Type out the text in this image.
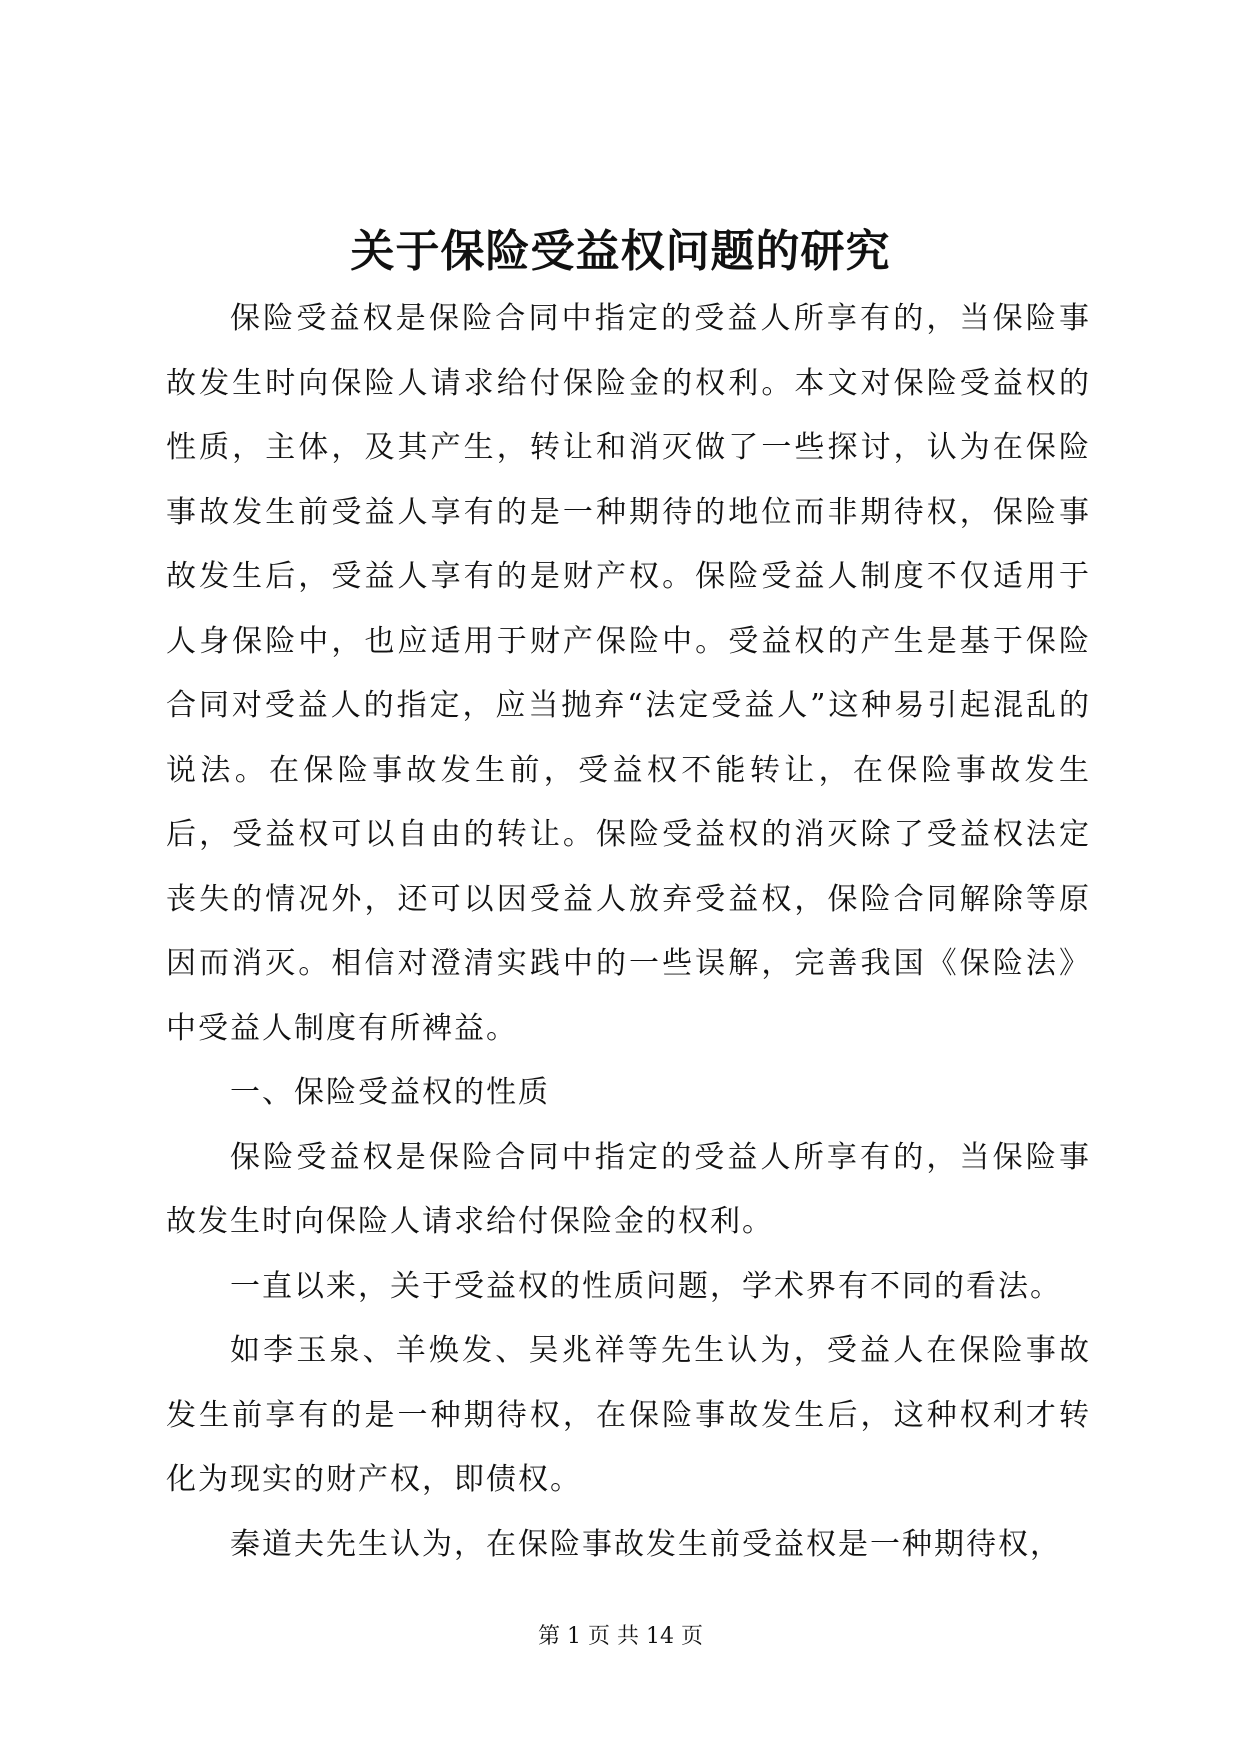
关于保险受益权问题的研究

保险受益权是保险合同中指定的受益人所享有的，当保险事故发生时向保险人请求给付保险金的权利。本文对保险受益权的性质，主体，及其产生，转让和消灭做了一些探讨，认为在保险事故发生前受益人享有的是一种期待的地位而非期待权，保险事故发生后，受益人享有的是财产权。保险受益人制度不仅适用于人身保险中，也应适用于财产保险中。受益权的产生是基于保险合同对受益人的指定，应当抛弃“法定受益人”这种易引起混乱的说法。在保险事故发生前，受益权不能转让，在保险事故发生后，受益权可以自由的转让。保险受益权的消灭除了受益权法定丧失的情况外，还可以因受益人放弃受益权，保险合同解除等原因而消灭。相信对澄清实践中的一些误解，完善我国《保险法》中受益人制度有所裨益。

一、保险受益权的性质

保险受益权是保险合同中指定的受益人所享有的，当保险事故发生时向保险人请求给付保险金的权利。

一直以来，关于受益权的性质问题，学术界有不同的看法。

如李玉泉、羊焕发、吴兆祥等先生认为，受益人在保险事故发生前享有的是一种期待权，在保险事故发生后，这种权利才转化为现实的财产权，即债权。

秦道夫先生认为，在保险事故发生前受益权是一种期待权，

第 1 页 共 14 页
